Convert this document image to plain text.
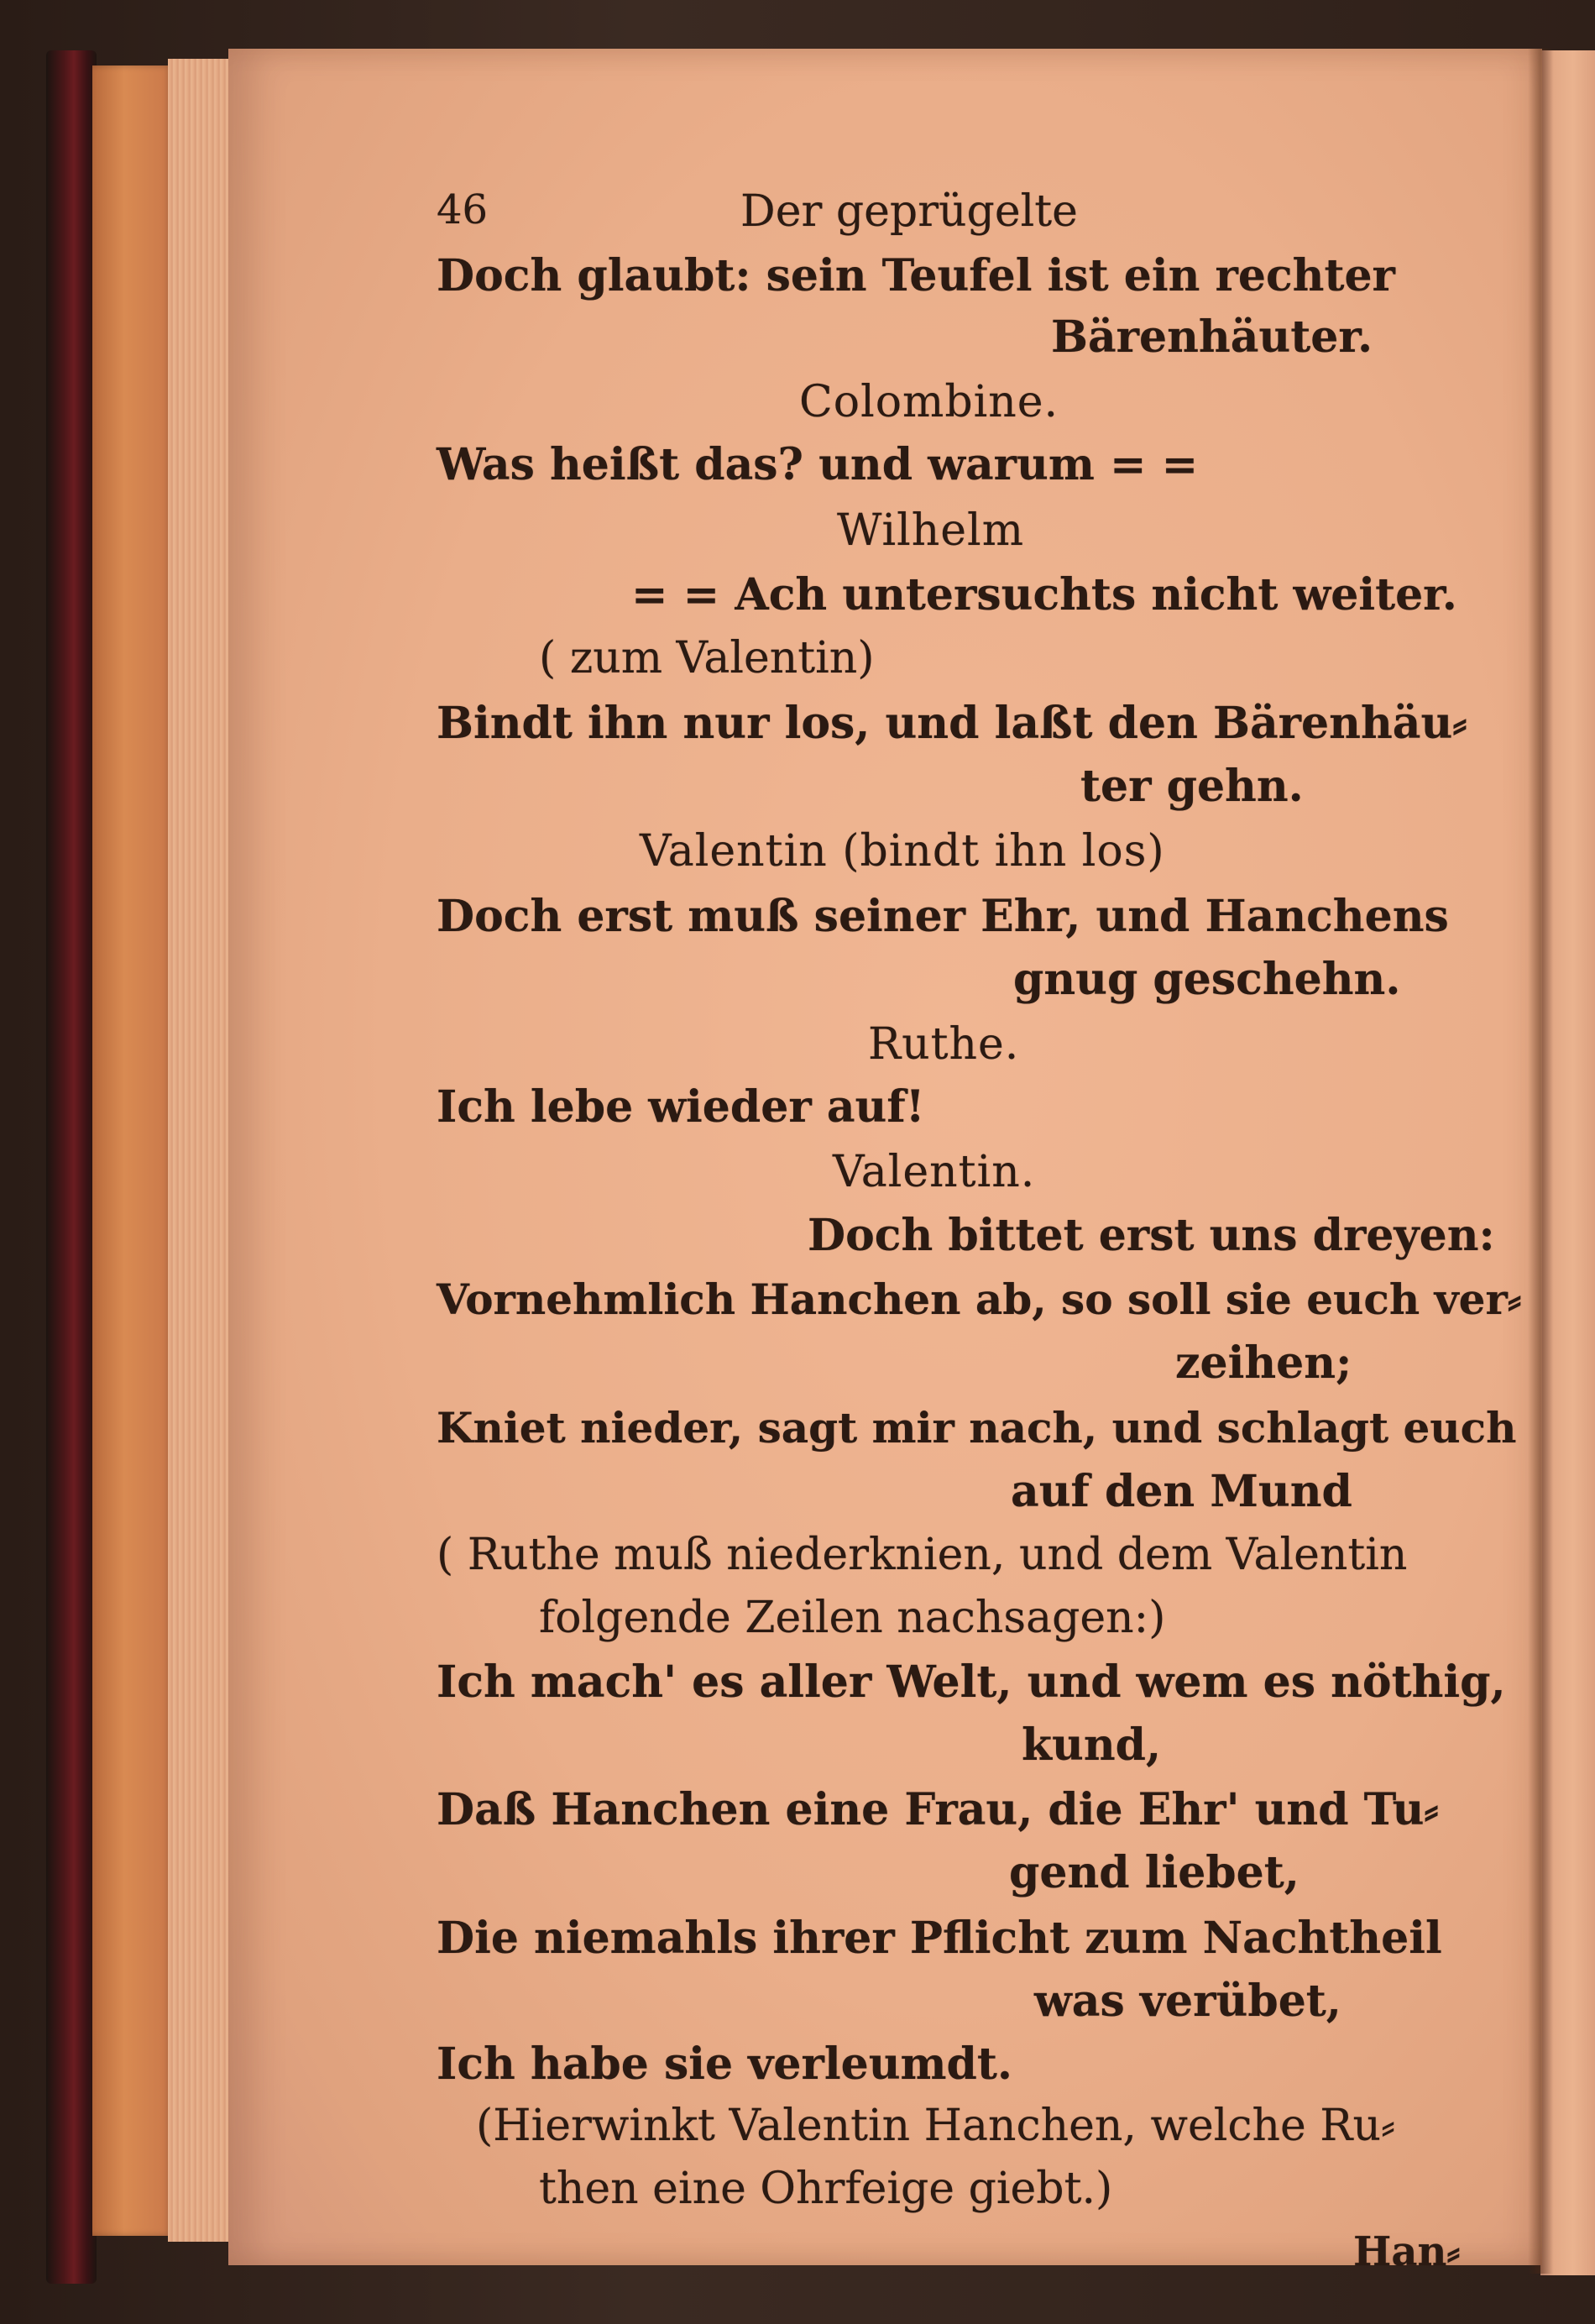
46	Der geprügelte
Doch glaubt: sein Teufel ist ein rechter
Bärenhäuter.
Colombine.
Was heißt das? und warum = =
Wilhelm
= = Ach untersuchts nicht weiter.
( zum Valentin)
Bindt ihn nur los, und laßt den Bärenhäu⸗
ter gehn.
Valentin (bindt ihn los)
Doch erst muß seiner Ehr, und Hanchens
gnug geschehn.
Ruthe.
Ich lebe wieder auf!
Valentin.
Doch bittet erst uns dreyen:
Vornehmlich Hanchen ab, so soll sie euch ver⸗
zeihen;
Kniet nieder, sagt mir nach, und schlagt euch
auf den Mund
( Ruthe muß niederknien, und dem Valentin
folgende Zeilen nachsagen:)
Ich mach' es aller Welt, und wem es nöthig,
kund,
Daß Hanchen eine Frau, die Ehr' und Tu⸗
gend liebet,
Die niemahls ihrer Pflicht zum Nachtheil
was verübet,
Ich habe sie verleumdt.
(Hierwinkt Valentin Hanchen, welche Ru⸗
then eine Ohrfeige giebt.)
Han⸗
